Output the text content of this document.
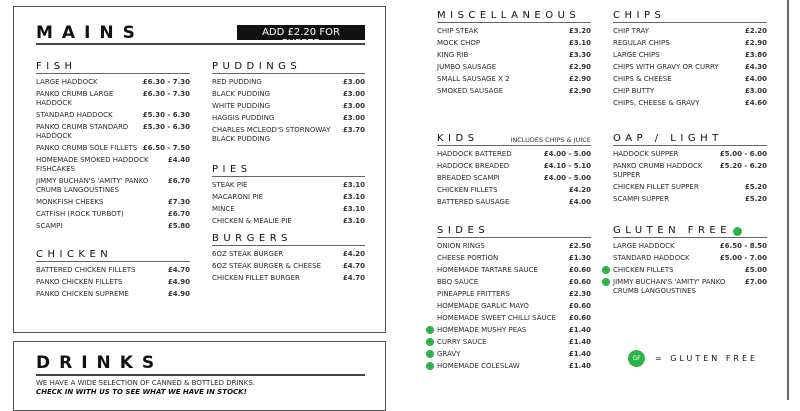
MAINS	ADD £2.20 FOR
DRINKS
WE HAVE A WIDE SELECTION OF CANNED & BOTTLED DRINKS.
CHECK IN WITH US TO SEE WHAT WE HAVE IN STOCK!
FISH
LARGE HADDOCK	£6.30 - 7.30
PANKO CRUMB LARGE HADDOCK
£6.30 - 7.30
STANDARD HADDOCK	£5.30 - 6.30
PANKO CRUMB STANDARD HADDOCK
£5.30 - 6.30
PANKO CRUMB SOLE FILLETS £6.50 - 7.50
HOMEMADE SMOKED HADDOCK FISHCAKES
£4.40
JIMMY BUCHAN'S 'AMITY' PANKO CRUMB LANGOUSTINES
£6.70
MONKFISH CHEEKS	£7.30
CATFISH (ROCK TURBOT)	£6.70
SCAMPI	£5.80
CHICKEN
BATTERED CHICKEN FILLETS	£4.70
PANKO CHICKEN FILLETS	£4.90
PANKO CHICKEN SUPREME	£4.90
PUDDINGS
RED PUDDING	£3.00
BLACK PUDDING	£3.00
WHITE PUDDING	£3.00
HAGGIS PUDDING	£3.00
CHARLES MCLEOD'S STORNOWAY BLACK PUDDING
£3.70
PIES
STEAK PIE	£3.10
MACARONI PIE	£3.10
MINCE	£3.10
CHICKEN & MEALIE PIE	£3.10
BURGERS
6OZ STEAK BURGER	£4.20
6OZ STEAK BURGER & CHEESE	£4.70
CHICKEN FILLET BURGER	£4.70
MISCELLANEOUS
CHIP STEAK	£3.20
MOCK CHOP	£3.10
KING RIB	£3.30
JUMBO SAUSAGE	£2.90
SMALL SAUSAGE X 2	£2.90
SMOKED SAUSAGE	£2.90
CHIPS
CHIP TRAY	£2.20
REGULAR CHIPS	£2.90
LARGE CHIPS	£3.80
CHIPS WITH GRAVY OR CURRY	£4.30
CHIPS & CHEESE	£4.00
CHIP BUTTY	£3.00
CHIPS, CHEESE & GRAVY	£4.60
KIDS	INCLUDES CHIPS & JUICE
HADDOCK BATTERED	£4.00 - 5.00
HADDOCK BREADED	£4.10 - 5.10
BREADED SCAMPI	£4.00 - 5.00
CHICKEN FILLETS	£4.20
BATTERED SAUSAGE	£4.00
OAP / LIGHT
HADDOCK SUPPER	£5.00 - 6.00
PANKO CRUMB HADDOCK SUPPER
£5.20 - 6.20
CHICKEN FILLET SUPPER	£5.20
SCAMPI SUPPER	£5.20
SIDES
ONION RINGS	£2.50
CHEESE PORTION	£1.30
HOMEMADE TARTARE SAUCE	£0.60
BBQ SAUCE	£0.60
PINEAPPLE FRITTERS	£2.30
HOMEMADE GARLIC MAYO	£0.60
HOMEMADE SWEET CHILLI SAUCE	£0.60
HOMEMADE MUSHY PEAS	£1.40
CURRY SAUCE	£1.40
GRAVY	£1.40
HOMEMADE COLESLAW	£1.40
GLUTEN FREE
LARGE HADDOCK	£6.50 - 8.50
STANDARD HADDOCK	£5.00 - 7.00
CHICKEN FILLETS	£5.00
JIMMY BUCHAN'S 'AMITY' PANKO CRUMB LANGOUSTINES
£7.00
GF	= GLUTEN FREE
